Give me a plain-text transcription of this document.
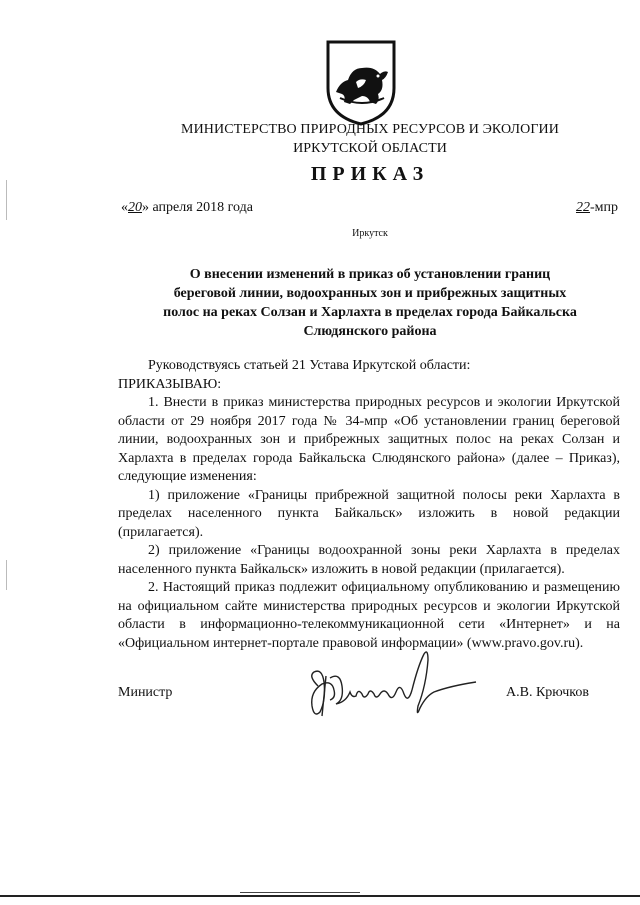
МИНИСТЕРСТВО ПРИРОДНЫХ РЕСУРСОВ И ЭКОЛОГИИ
ИРКУТСКОЙ ОБЛАСТИ
ПРИКАЗ
«20» апреля 2018 года	22-мпр
Иркутск
О внесении изменений в приказ об установлении границ
береговой линии, водоохранных зон и прибрежных защитных
полос на реках Солзан и Харлахта в пределах города Байкальска
Слюдянского района

Руководствуясь статьей 21 Устава Иркутской области:

ПРИКАЗЫВАЮ:

1. Внести в приказ министерства природных ресурсов и экологии Иркутской области от 29 ноября 2017 года № 34-мпр «Об установлении границ береговой линии, водоохранных зон и прибрежных защитных полос на реках Солзан и Харлахта в пределах города Байкальска Слюдянского района» (далее – Приказ), следующие изменения:

1) приложение «Границы прибрежной защитной полосы реки Харлахта в пределах населенного пункта Байкальск» изложить в новой редакции (прилагается).

2) приложение «Границы водоохранной зоны реки Харлахта в пределах населенного пункта Байкальск» изложить в новой редакции (прилагается).

2. Настоящий приказ подлежит официальному опубликованию и размещению на официальном сайте министерства природных ресурсов и экологии Иркутской области в информационно-телекоммуникационной сети «Интернет» и на «Официальном интернет-портале правовой информации» (www.pravo.gov.ru).

Министр	А.В. Крючков
